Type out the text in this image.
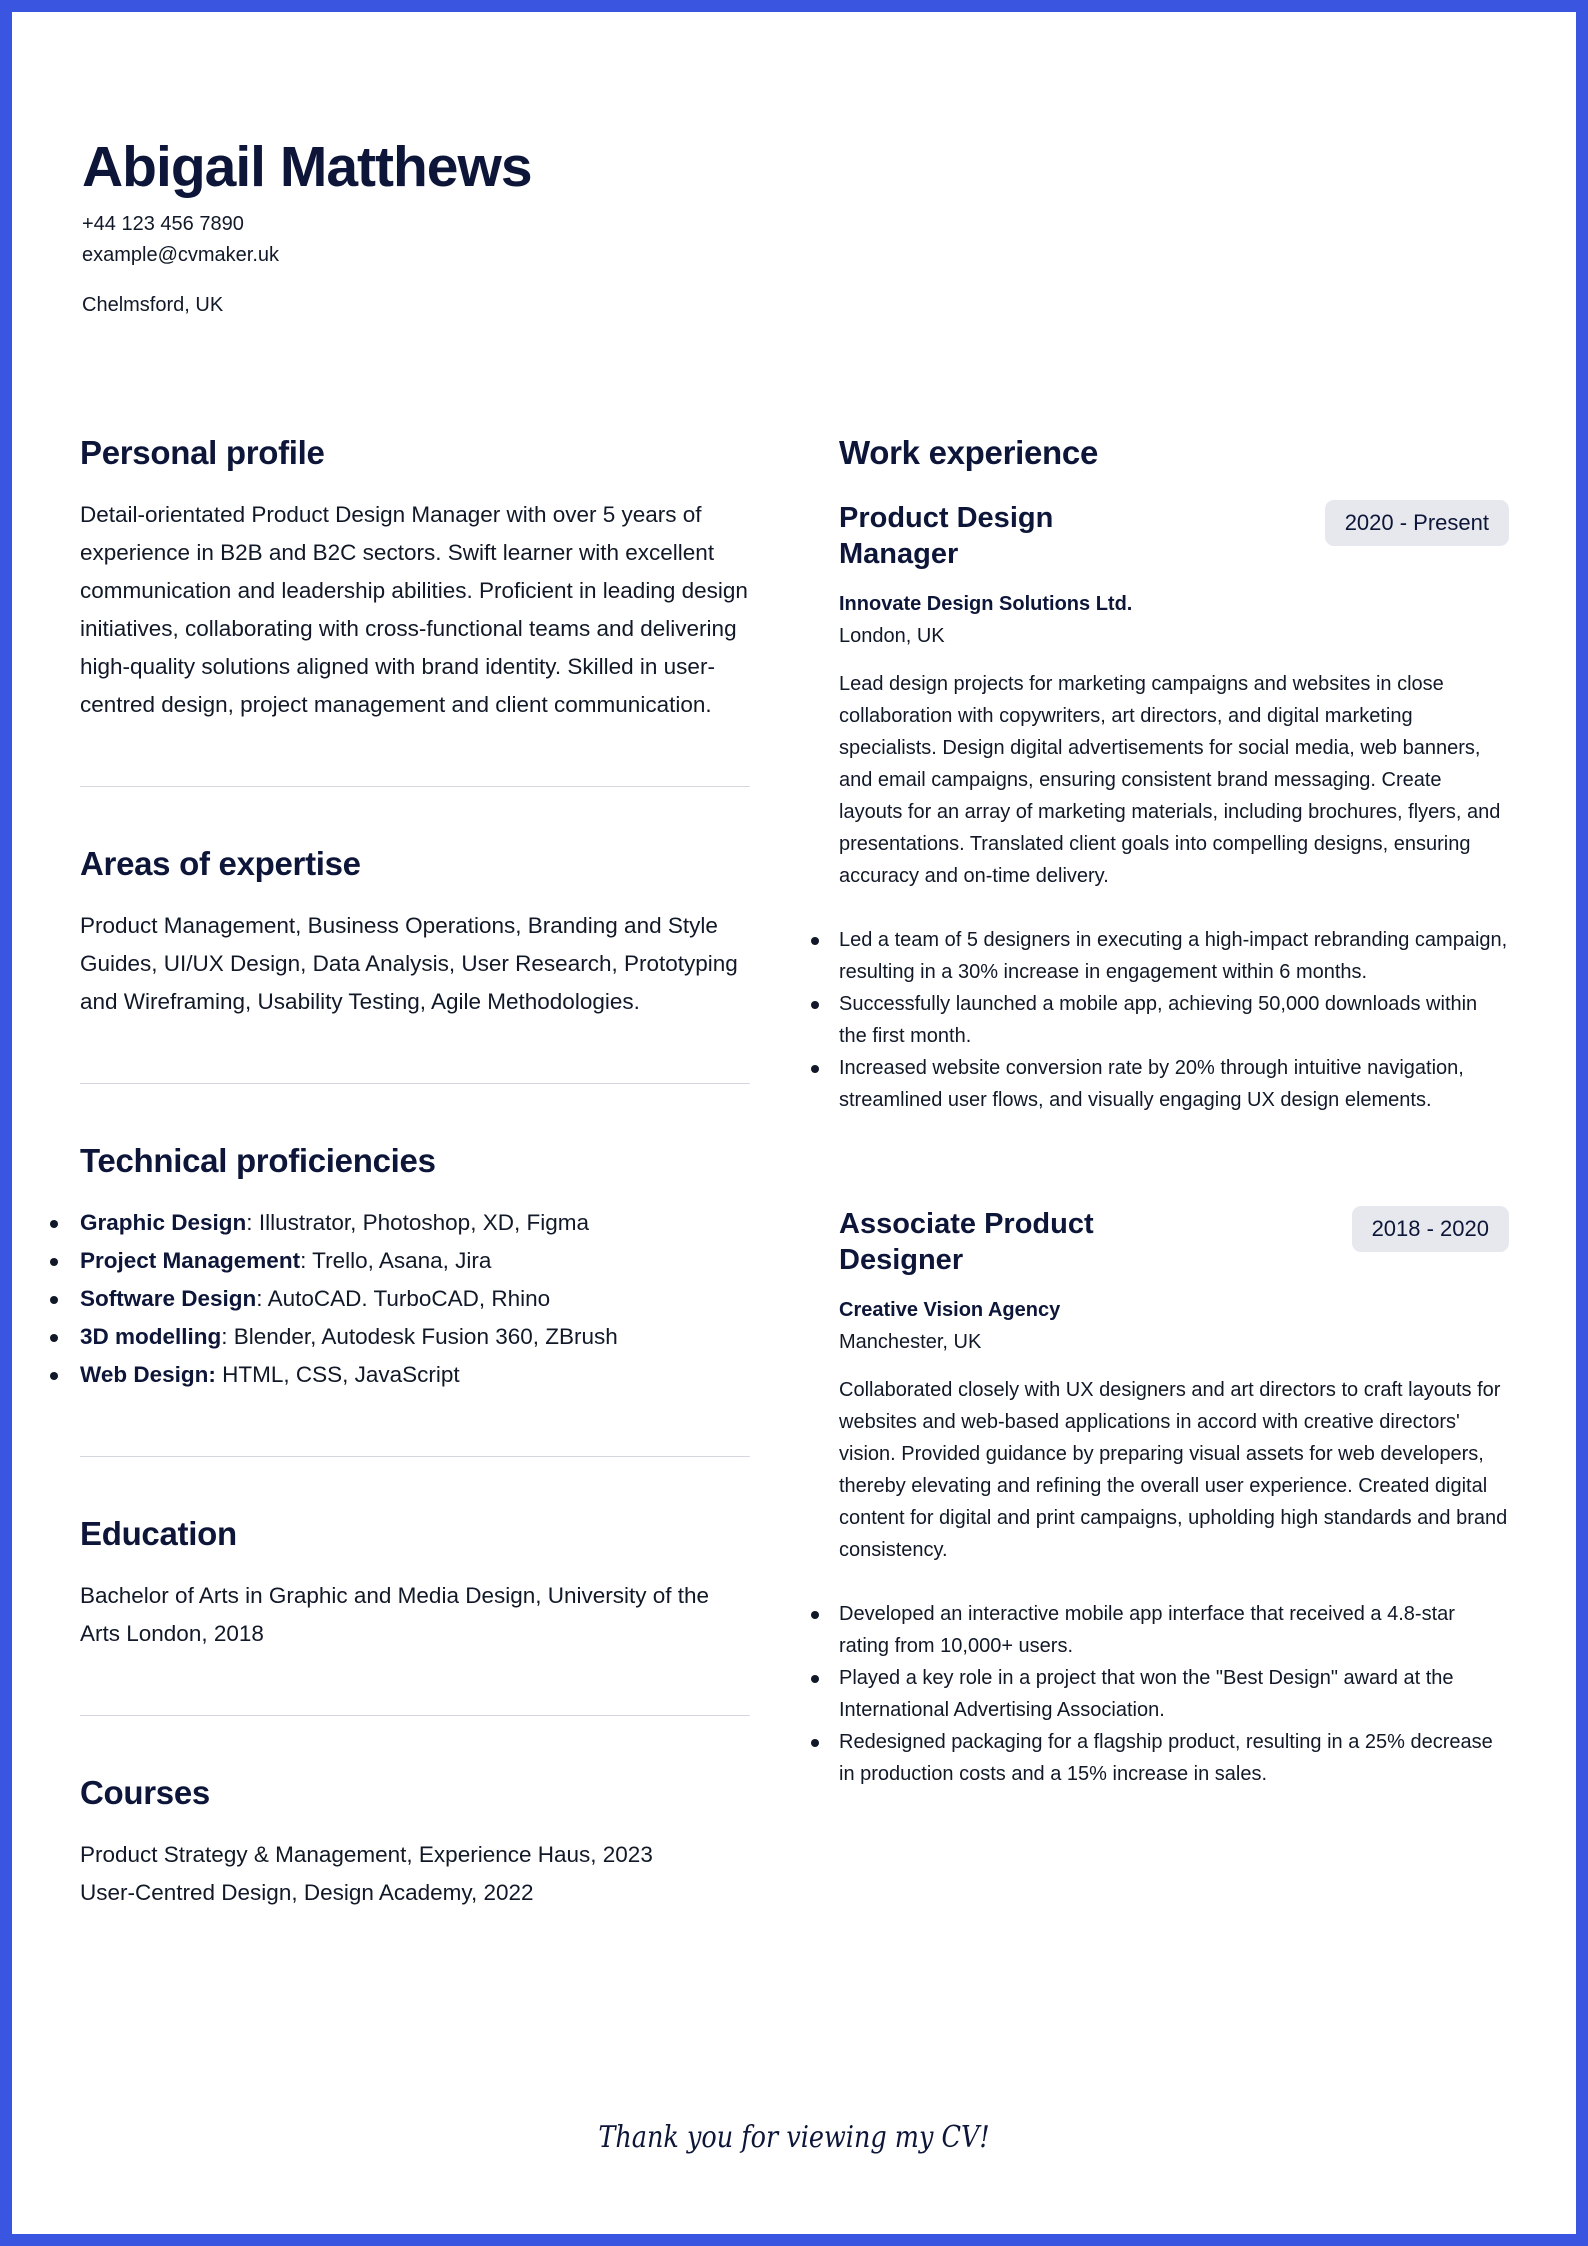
Abigail Matthews
+44 123 456 7890
example@cvmaker.uk
Chelmsford, UK
Personal profile

Detail-orientated Product Design Manager with over 5 years of experience in B2B and B2C sectors. Swift learner with excellent communication and leadership abilities. Proficient in leading design initiatives, collaborating with cross-functional teams and delivering high-quality solutions aligned with brand identity. Skilled in user-centred design, project management and client communication.

Areas of expertise

Product Management, Business Operations, Branding and Style Guides, UI/UX Design, Data Analysis, User Research, Prototyping and Wireframing, Usability Testing, Agile Methodologies.

Technical proficiencies
Graphic Design: Illustrator, Photoshop, XD, Figma
Project Management: Trello, Asana, Jira
Software Design: AutoCAD. TurboCAD, Rhino
3D modelling: Blender, Autodesk Fusion 360, ZBrush
Web Design: HTML, CSS, JavaScript
Education

Bachelor of Arts in Graphic and Media Design, University of the Arts London, 2018

Courses

Product Strategy & Management, Experience Haus, 2023

User-Centred Design, Design Academy, 2022

Work experience
Product Design Manager
2020 - Present

Innovate Design Solutions Ltd.

London, UK

Lead design projects for marketing campaigns and websites in close collaboration with copywriters, art directors, and digital marketing specialists. Design digital advertisements for social media, web banners, and email campaigns, ensuring consistent brand messaging. Create layouts for an array of marketing materials, including brochures, flyers, and presentations. Translated client goals into compelling designs, ensuring accuracy and on-time delivery.

Led a team of 5 designers in executing a high-impact rebranding campaign, resulting in a 30% increase in engagement within 6 months.
Successfully launched a mobile app, achieving 50,000 downloads within the first month.
Increased website conversion rate by 20% through intuitive navigation, streamlined user flows, and visually engaging UX design elements.
Associate Product Designer
2018 - 2020

Creative Vision Agency

Manchester, UK

Collaborated closely with UX designers and art directors to craft layouts for websites and web-based applications in accord with creative directors' vision. Provided guidance by preparing visual assets for web developers, thereby elevating and refining the overall user experience. Created digital content for digital and print campaigns, upholding high standards and brand consistency.

Developed an interactive mobile app interface that received a 4.8-star rating from 10,000+ users.
Played a key role in a project that won the "Best Design" award at the International Advertising Association.
Redesigned packaging for a flagship product, resulting in a 25% decrease in production costs and a 15% increase in sales.
Thank you for viewing my CV!
